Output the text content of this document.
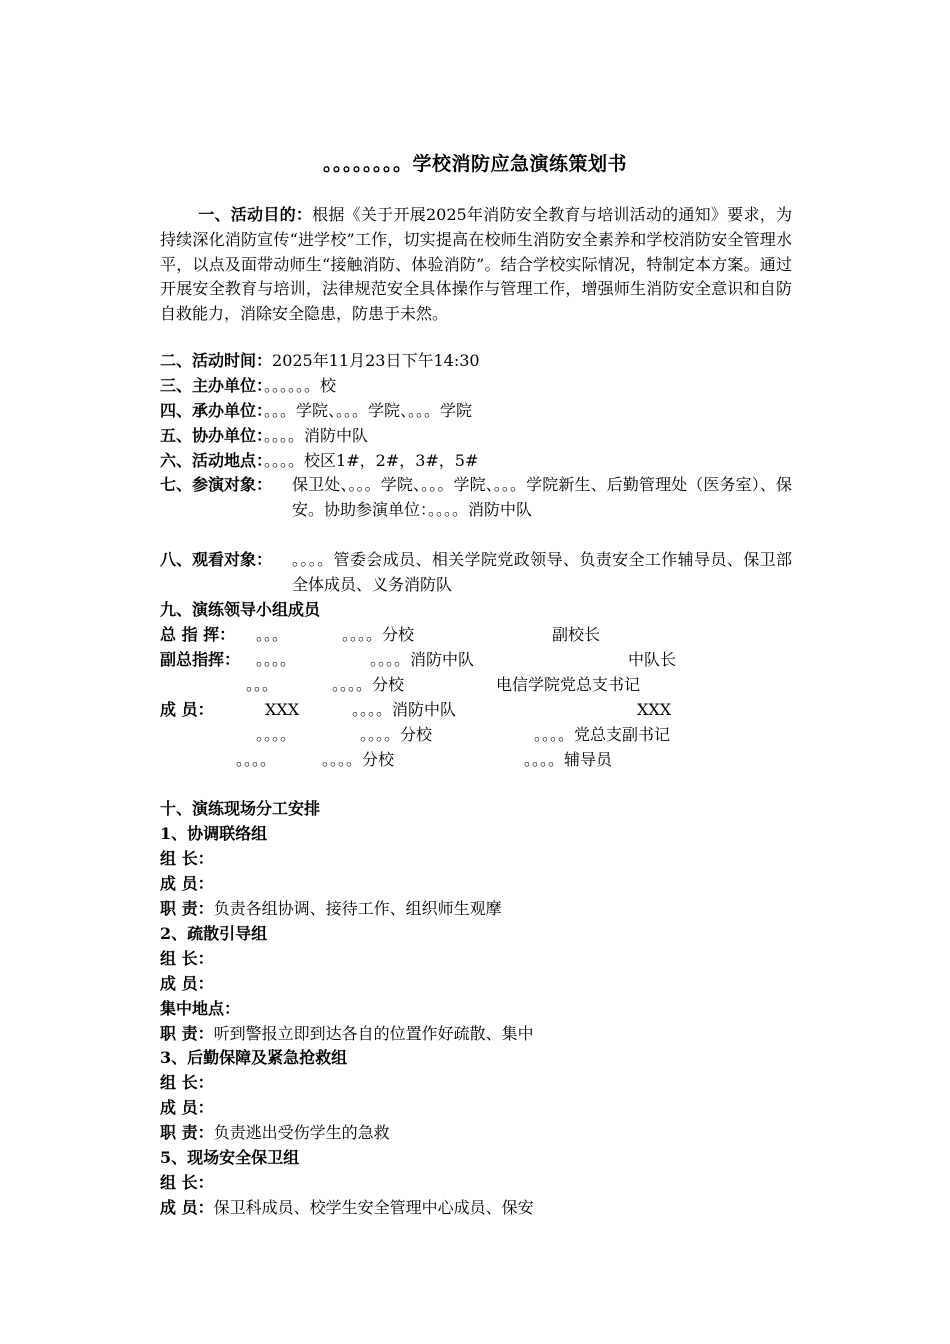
。。。。。。。。学校消防应急演练策划书
一、活动目的：根据《关于开展2025年消防安全教育与培训活动的通知》要求，为持续深化消防宣传“进学校”工作，切实提高在校师生消防安全素养和学校消防安全管理水平，以点及面带动师生“接触消防、体验消防”。结合学校实际情况，特制定本方案。通过开展安全教育与培训，法律规范安全具体操作与管理工作，增强师生消防安全意识和自防自救能力，消除安全隐患，防患于未然。
二、活动时间：2025年11月23日下午14:30
三、主办单位：。。。。。。校
四、承办单位：。。。学院、。。。学院、。。。学院
五、协办单位：。。。。消防中队
六、活动地点：。。。。校区1#，2#，3#，5#
七、参演对象： 保卫处、。。。学院、。。。学院、。。。学院新生、后勤管理处（医务室）、保安。协助参演单位：。。。。消防中队
八、观看对象： 。。。。管委会成员、相关学院党政领导、负责安全工作辅导员、保卫部全体成员、义务消防队
九、演练领导小组成员
总 指 挥： 。。。	。。。。分校	副校长
副总指挥： 。。。。	。。。。消防中队	中队长
。。。	。。。。分校	电信学院党总支书记
成 员：	XXX	。。。。消防中队	XXX
。。。。	。。。。分校	。。。。党总支副书记
。。。。	。。。。分校	。。。。辅导员
十、演练现场分工安排
1、协调联络组
组 长：
成 员：
职 责：负责各组协调、接待工作、组织师生观摩
2、疏散引导组
组 长：
成 员：
集中地点：
职 责：听到警报立即到达各自的位置作好疏散、集中
3、后勤保障及紧急抢救组
组 长：
成 员：
职 责：负责逃出受伤学生的急救
5、现场安全保卫组
组 长：
成 员：保卫科成员、校学生安全管理中心成员、保安
